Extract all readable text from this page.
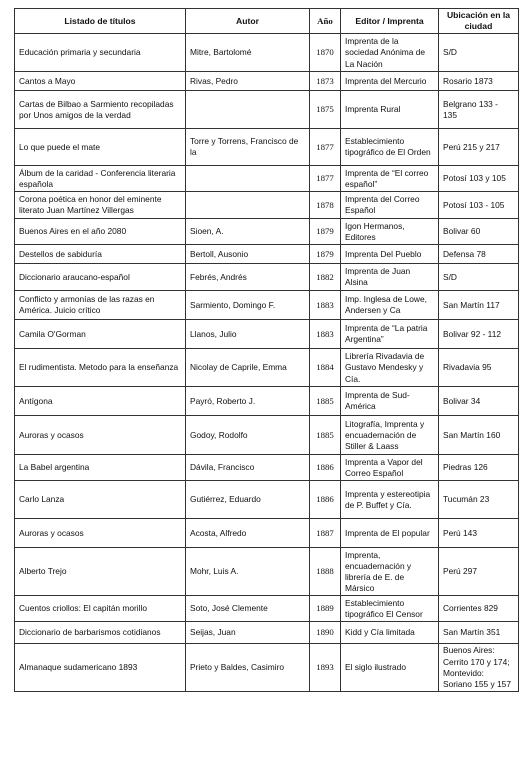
Listado de títulos	Autor	Año	Editor / Imprenta	Ubicación en la ciudad
Educación primaria y secundaria	Mitre, Bartolomé	1870	Imprenta de la sociedad Anónima de La Nación	S/D
Cantos a Mayo	Rivas, Pedro	1873	Imprenta del Mercurio	Rosario 1873
Cartas de Bilbao a Sarmiento recopiladas por Unos amigos de la verdad		1875	Imprenta Rural	Belgrano 133 - 135
Lo que puede el mate	Torre y Torrens, Francisco de la	1877	Establecimiento tipográfico de El Orden	Perú 215 y 217
Álbum de la caridad - Conferencia literaria española		1877	Imprenta de “El correo español”	Potosí 103 y 105
Corona poética en honor del eminente literato Juan Martínez Villergas		1878	Imprenta del Correo Español	Potosí 103 - 105
Buenos Aires en el año 2080	Sioen, A.	1879	Igon Hermanos, Editores	Bolivar 60
Destellos de sabiduría	Bertoll, Ausonio	1879	Imprenta Del Pueblo	Defensa 78
Diccionario araucano-español	Febrés, Andrés	1882	Imprenta de Juan Alsina	S/D
Conflicto y armonías de las razas en América. Juicio crítico	Sarmiento, Domingo F.	1883	Imp. Inglesa de Lowe, Andersen y Ca	San Martín 117
Camila O'Gorman	Llanos, Julio	1883	Imprenta de “La patria Argentina”	Bolivar 92 - 112
El rudimentista. Metodo para la enseñanza	Nicolay de Caprile, Emma	1884	Librería Rivadavia de Gustavo Mendesky y Cía.	Rivadavia 95
Antígona	Payró, Roberto J.	1885	Imprenta de Sud-América	Bolivar 34
Auroras y ocasos	Godoy, Rodolfo	1885	Litografía, Imprenta y encuadernación de Stiller & Laass	San Martín 160
La Babel argentina	Dávila, Francisco	1886	Imprenta a Vapor del Correo Español	Piedras 126
Carlo Lanza	Gutiérrez, Eduardo	1886	Imprenta y estereotipia de P. Buffet y Cía.	Tucumán 23
Auroras y ocasos	Acosta, Alfredo	1887	Imprenta de El popular	Perú 143
Alberto Trejo	Mohr, Luis A.	1888	Imprenta, encuadernación y librería de E. de Mársico	Perú 297
Cuentos criollos: El capitán morillo	Soto, José Clemente	1889	Establecimiento tipográfico El Censor	Corrientes 829
Diccionario de barbarismos cotidianos	Seijas, Juan	1890	Kidd y Cía limitada	San Martín 351
Almanaque sudamericano 1893	Prieto y Baldes, Casimiro	1893	El siglo ilustrado	Buenos Aires: Cerrito 170 y 174; Montevido: Soriano 155 y 157
